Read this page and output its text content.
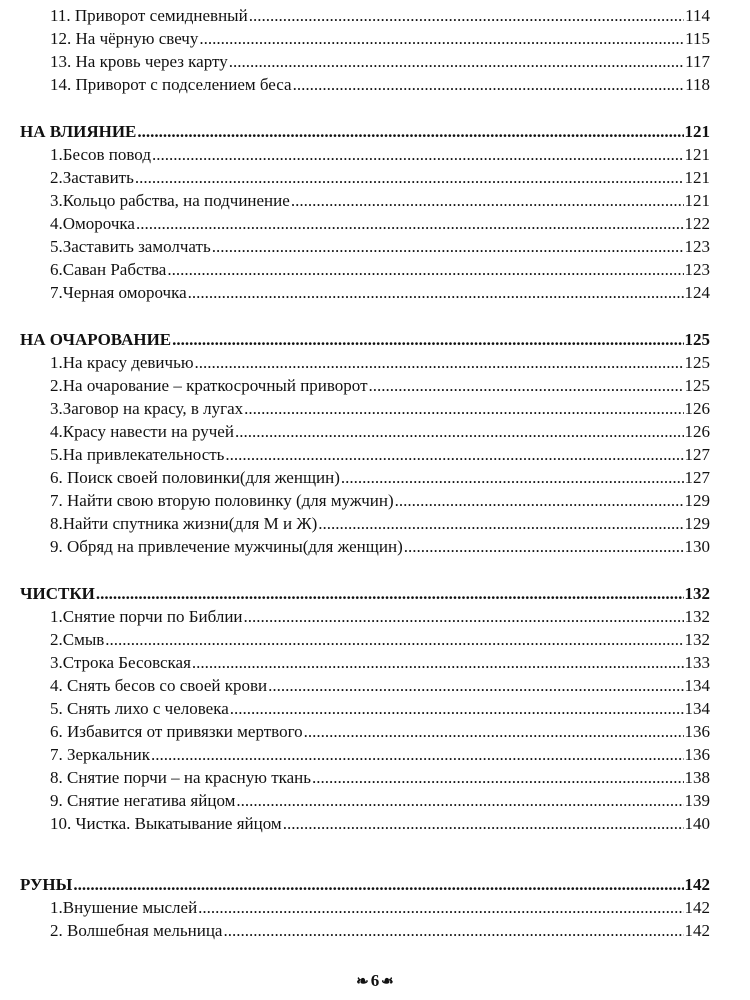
11. Приворот семидневный .....	114
12. На чёрную свечу .....	115
13. На кровь через карту .....	117
14. Приворот с подселением беса .....	118
НА ВЛИЯНИЕ .....	121
1.Бесов повод .....	121
2.Заставить .....	121
3.Кольцо рабства, на подчинение .....	121
4.Оморочка .....	122
5.Заставить замолчать .....	123
6.Саван Рабства .....	123
7.Черная оморочка .....	124
НА ОЧАРОВАНИЕ .....	125
1.На красу девичью .....	125
2.На очарование – краткосрочный приворот .....	125
3.Заговор на красу, в лугах .....	126
4.Красу навести на ручей .....	126
5.На привлекательность .....	127
6. Поиск своей половинки(для женщин) .....	127
7. Найти свою вторую половинку (для мужчин) .....	129
8.Найти спутника жизни(для М и Ж) .....	129
9. Обряд на привлечение мужчины(для женщин) .....	130
ЧИСТКИ .....	132
1.Снятие порчи по Библии .....	132
2.Смыв .....	132
3.Строка Бесовская .....	133
4. Снять бесов со своей крови .....	134
5. Снять лихо с человека .....	134
6. Избавится от привязки мертвого .....	136
7. Зеркальник .....	136
8. Снятие порчи – на красную ткань .....	138
9. Снятие негатива яйцом .....	139
10. Чистка. Выкатывание яйцом .....	140
РУНЫ .....	142
1.Внушение мыслей .....	142
2. Волшебная мельница .....	142
❧ 6 ❧
